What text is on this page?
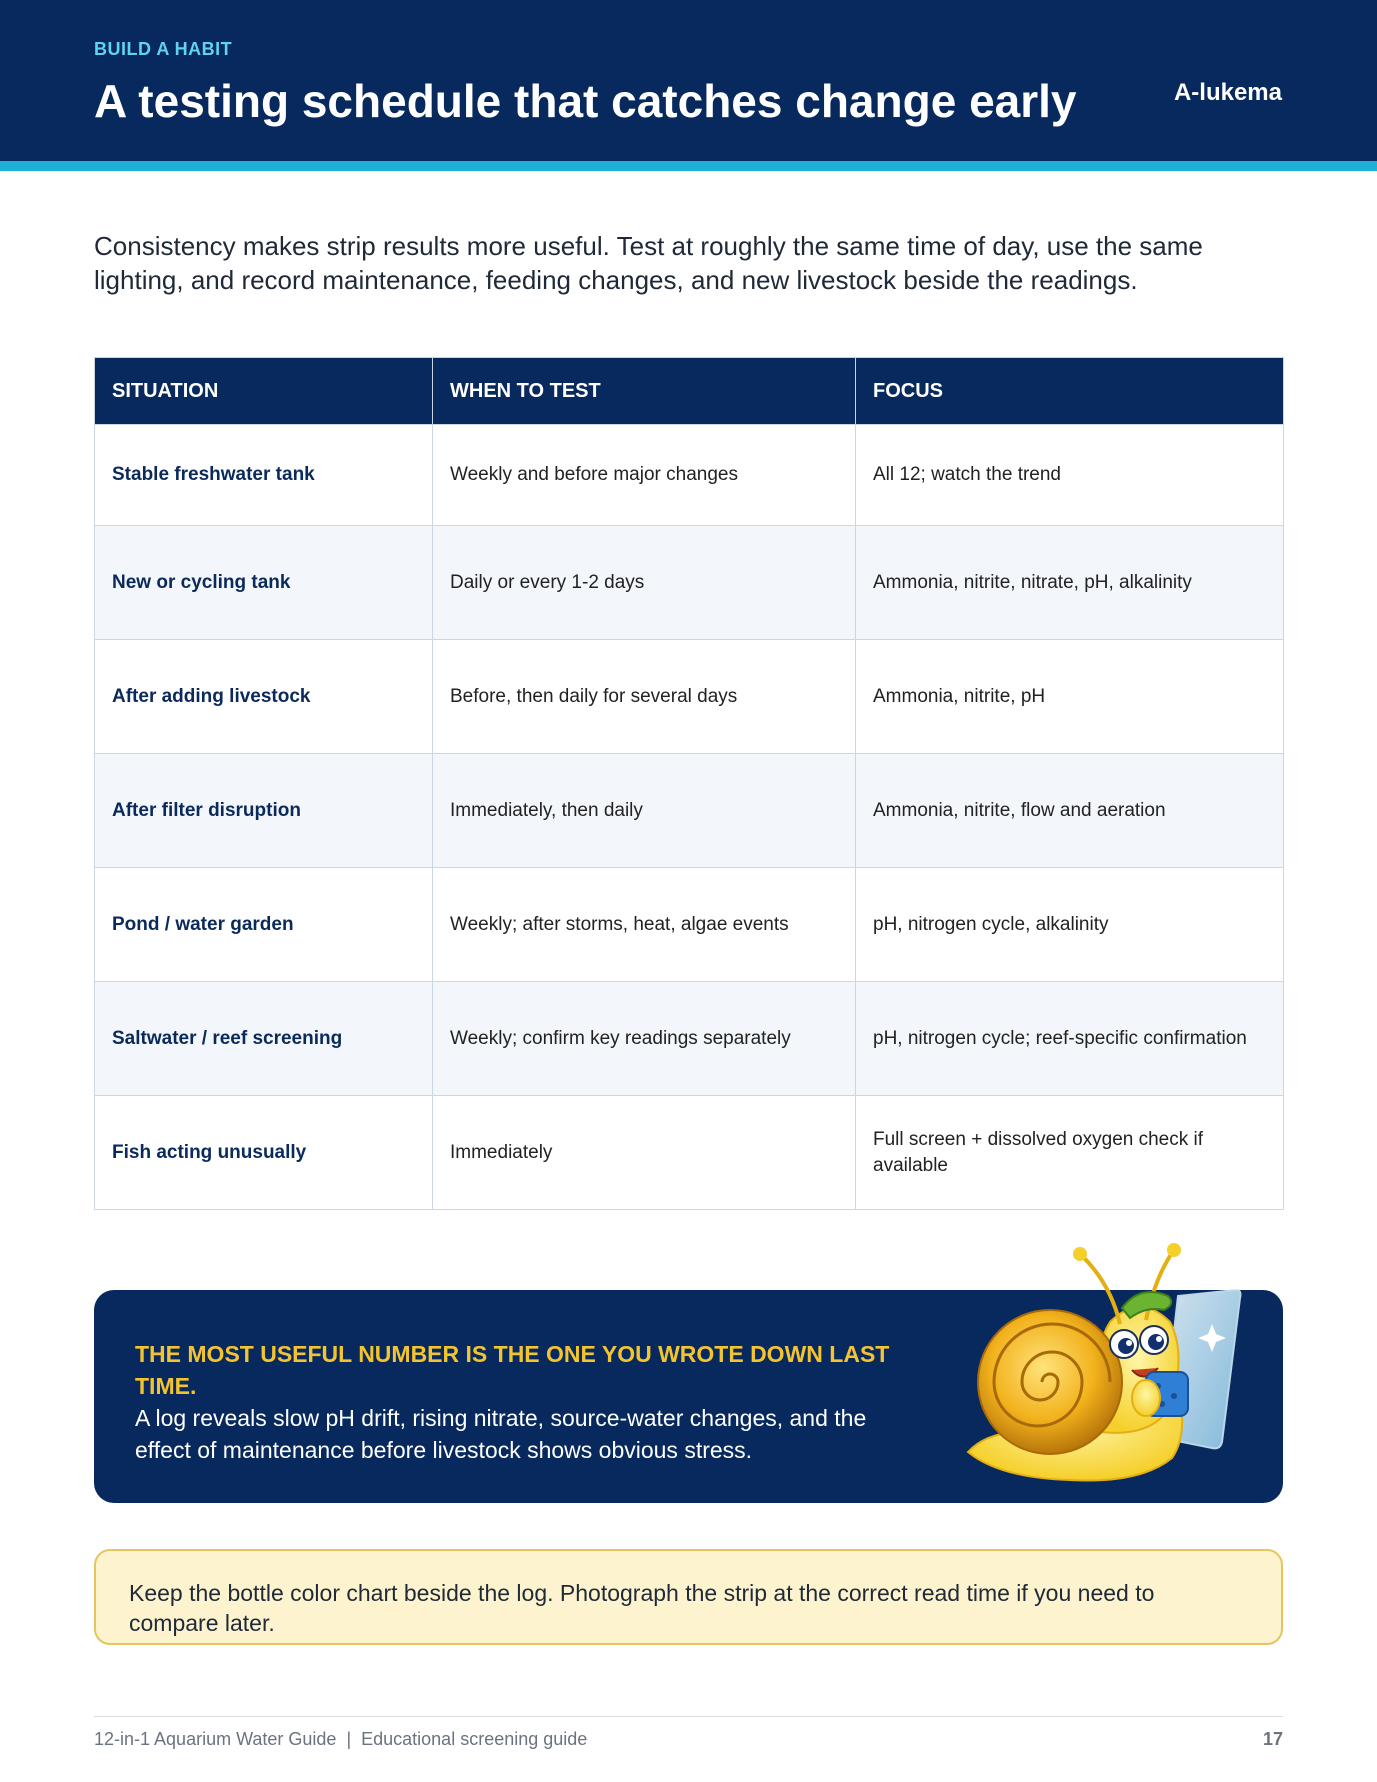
BUILD A HABIT
A testing schedule that catches change early	A-lukema

Consistency makes strip results more useful. Test at roughly the same time of day, use the same lighting, and record maintenance, feeding changes, and new livestock beside the readings.

SITUATION	WHEN TO TEST	FOCUS
Stable freshwater tank	Weekly and before major changes	All 12; watch the trend
New or cycling tank	Daily or every 1-2 days	Ammonia, nitrite, nitrate, pH, alkalinity
After adding livestock	Before, then daily for several days	Ammonia, nitrite, pH
After filter disruption	Immediately, then daily	Ammonia, nitrite, flow and aeration
Pond / water garden	Weekly; after storms, heat, algae events	pH, nitrogen cycle, alkalinity
Saltwater / reef screening	Weekly; confirm key readings separately	pH, nitrogen cycle; reef-specific confirmation
Fish acting unusually	Immediately	Full screen + dissolved oxygen check if available
THE MOST USEFUL NUMBER IS THE ONE YOU WROTE DOWN LAST TIME.
A log reveals slow pH drift, rising nitrate, source-water changes, and the effect of maintenance before livestock shows obvious stress.
Keep the bottle color chart beside the log. Photograph the strip at the correct read time if you need to compare later.
12-in-1 Aquarium Water Guide  |  Educational screening guide	17
